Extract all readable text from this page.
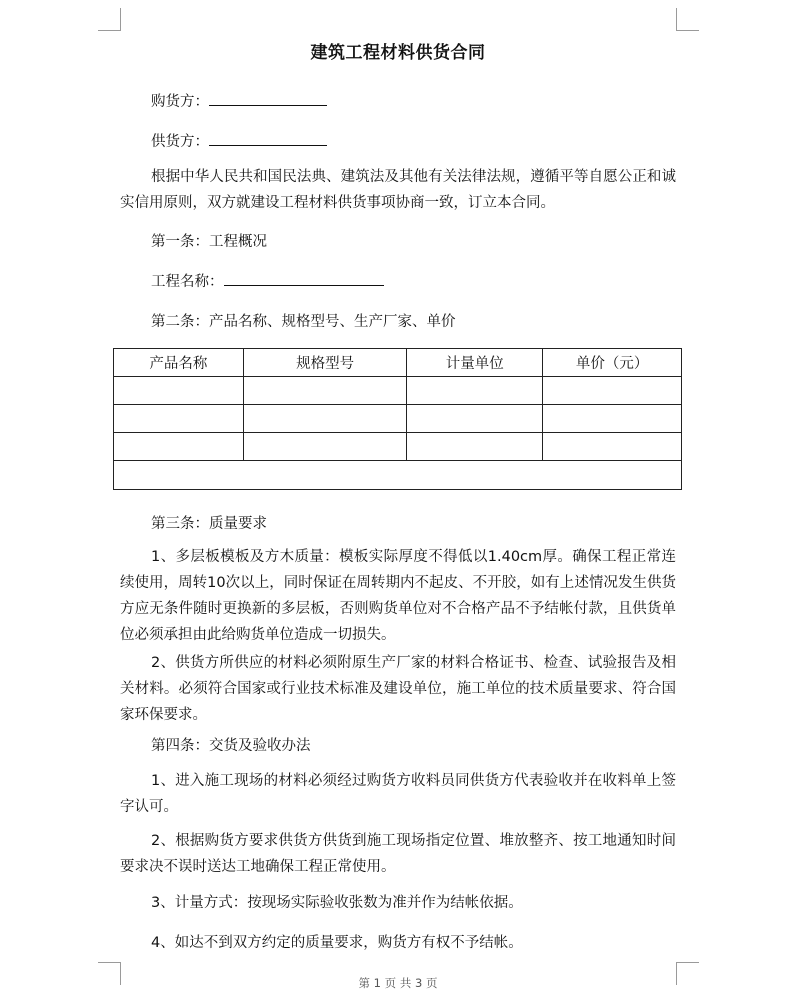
建筑工程材料供货合同
购货方：
供货方：
根据中华人民共和国民法典、建筑法及其他有关法律法规，遵循平等自愿公正和诚实信用原则，双方就建设工程材料供货事项协商一致，订立本合同。
第一条：工程概况
工程名称：
第二条：产品名称、规格型号、生产厂家、单价
产品名称	规格型号	计量单位	单价（元）

第三条：质量要求
1、多层板模板及方木质量：模板实际厚度不得低以1.40cm厚。确保工程正常连续使用，周转10次以上，同时保证在周转期内不起皮、不开胶，如有上述情况发生供货方应无条件随时更换新的多层板，否则购货单位对不合格产品不予结帐付款，且供货单位必须承担由此给购货单位造成一切损失。
2、供货方所供应的材料必须附原生产厂家的材料合格证书、检查、试验报告及相关材料。必须符合国家或行业技术标准及建设单位，施工单位的技术质量要求、符合国家环保要求。
第四条：交货及验收办法
1、进入施工现场的材料必须经过购货方收料员同供货方代表验收并在收料单上签字认可。
2、根据购货方要求供货方供货到施工现场指定位置、堆放整齐、按工地通知时间要求决不误时送达工地确保工程正常使用。
3、计量方式：按现场实际验收张数为准并作为结帐依据。
4、如达不到双方约定的质量要求，购货方有权不予结帐。
第 1 页 共 3 页
